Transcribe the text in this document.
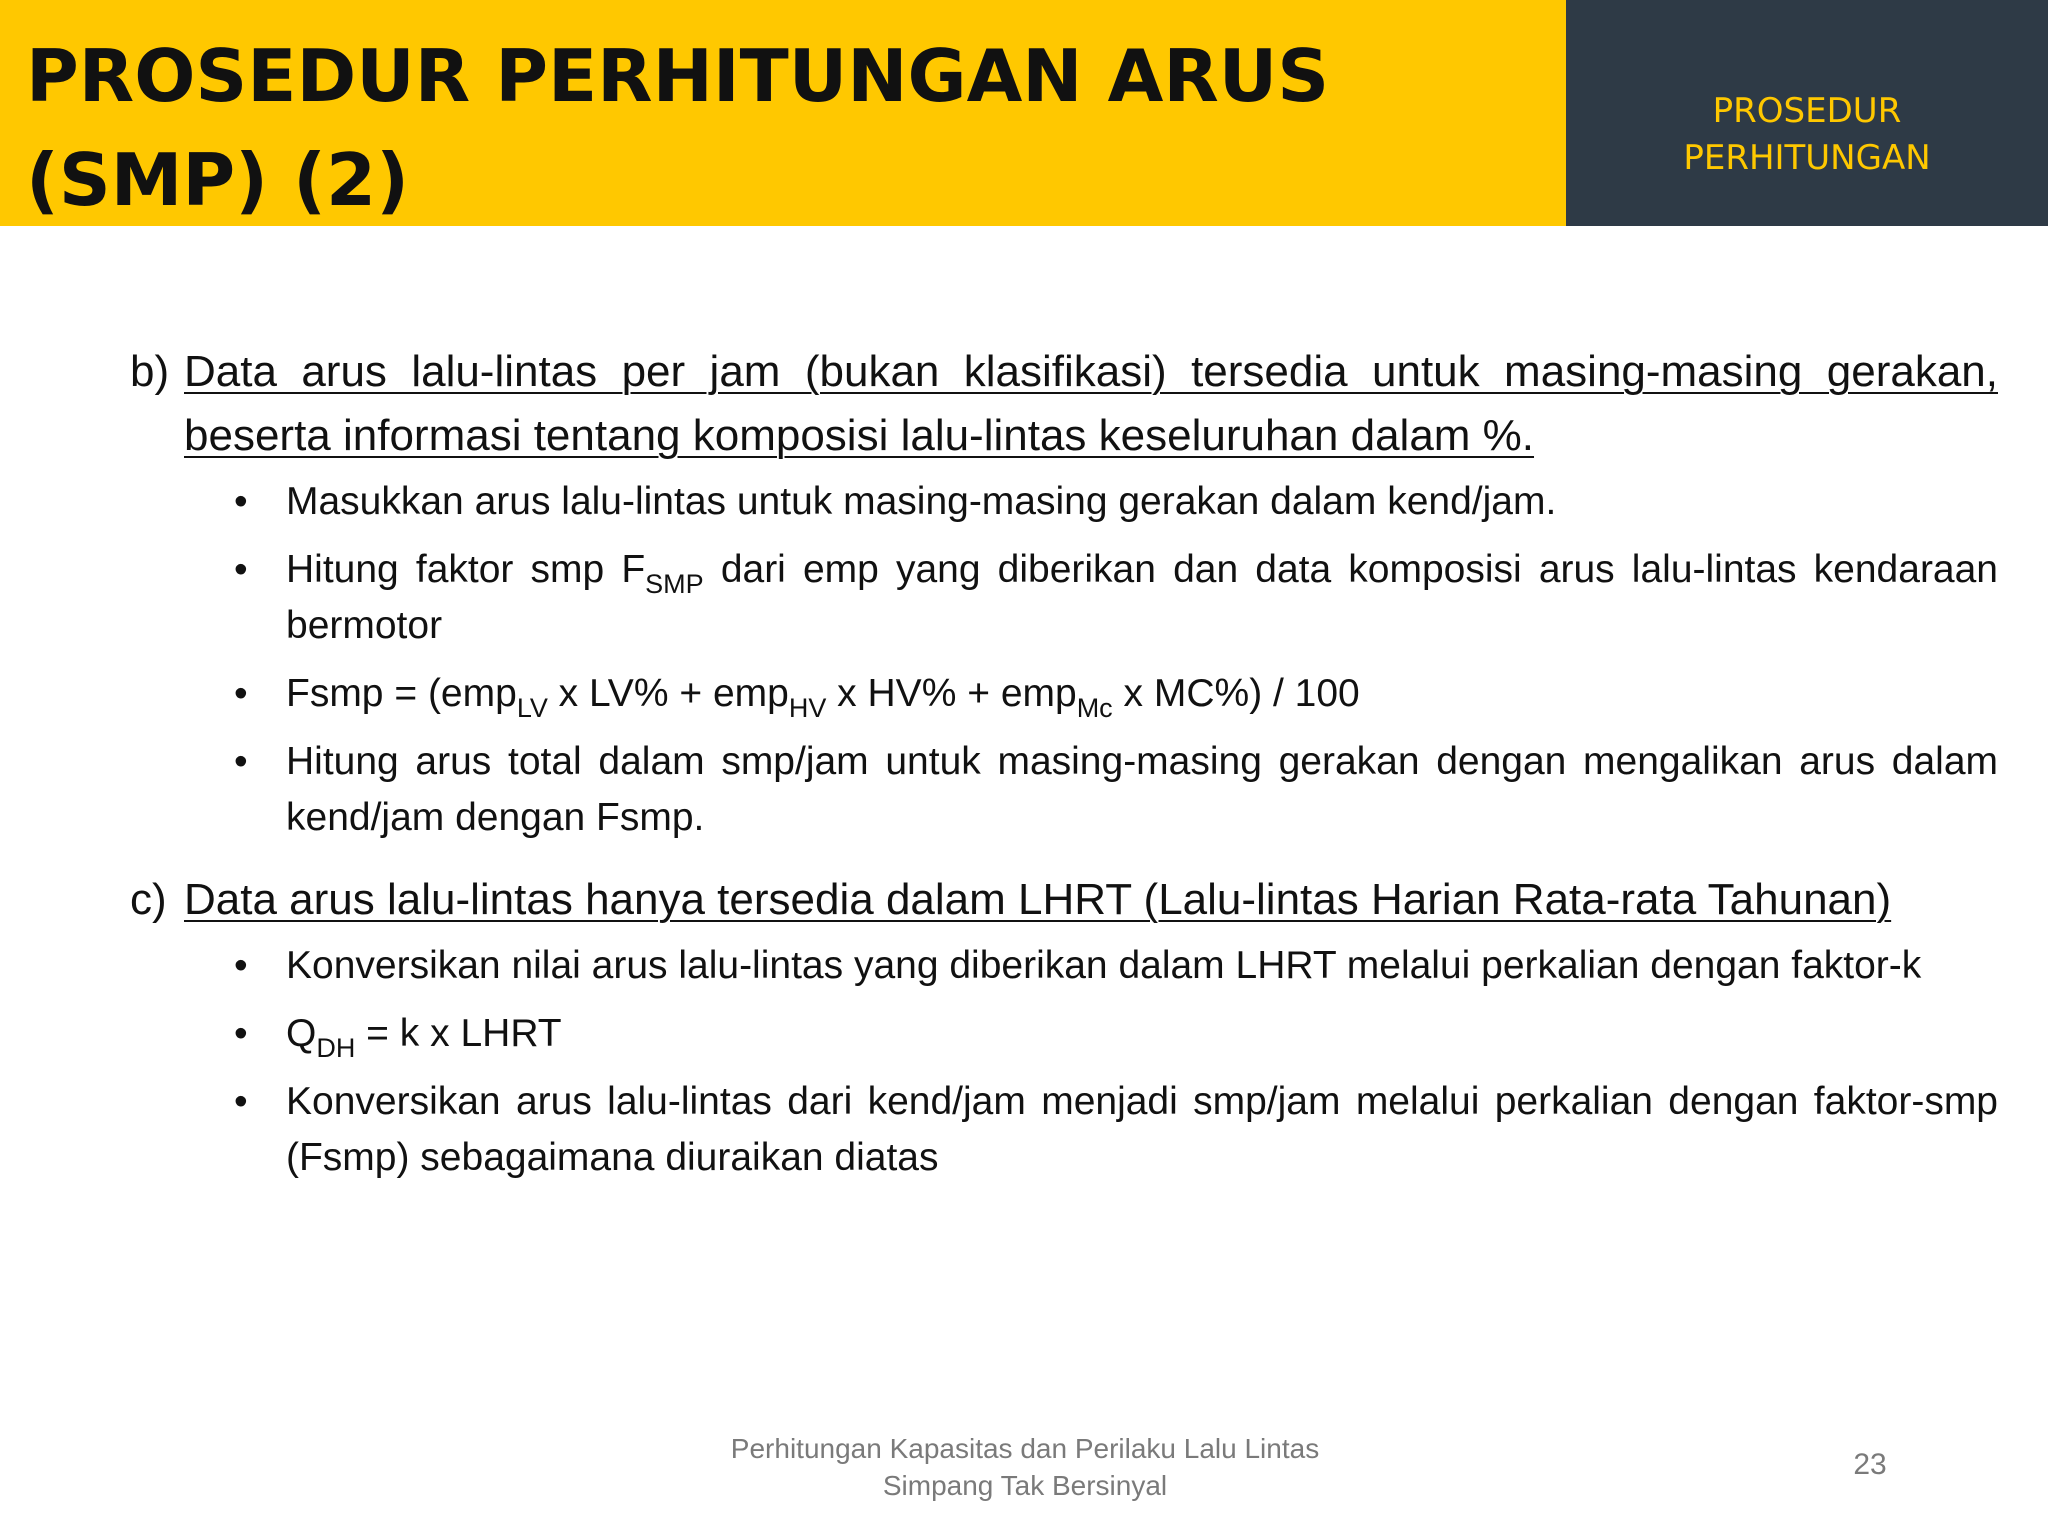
PROSEDUR PERHITUNGAN ARUS
(SMP) (2)
PROSEDUR
PERHITUNGAN
b) Data arus lalu-lintas per jam (bukan klasifikasi) tersedia untuk masing-masing gerakan, beserta informasi tentang komposisi lalu-lintas keseluruhan dalam %.
• Masukkan arus lalu-lintas untuk masing-masing gerakan dalam kend/jam.
• Hitung faktor smp $F_{SMP}$ dari emp yang diberikan dan data komposisi arus lalu-lintas kendaraan bermotor
• Fsmp = (emp$_{LV}$ x LV% + emp$_{HV}$ x HV% + emp$_{Mc}$ x MC%) / 100
• Hitung arus total dalam smp/jam untuk masing-masing gerakan dengan mengalikan arus dalam kend/jam dengan Fsmp.
c) Data arus lalu-lintas hanya tersedia dalam LHRT (Lalu-lintas Harian Rata-rata Tahunan)
• Konversikan nilai arus lalu-lintas yang diberikan dalam LHRT melalui perkalian dengan faktor-k
• $Q_{DH} = k$ x LHRT
• Konversikan arus lalu-lintas dari kend/jam menjadi smp/jam melalui perkalian dengan faktor-smp (Fsmp) sebagaimana diuraikan diatas
Perhitungan Kapasitas dan Perilaku Lalu Lintas
Simpang Tak Bersinyal
23
